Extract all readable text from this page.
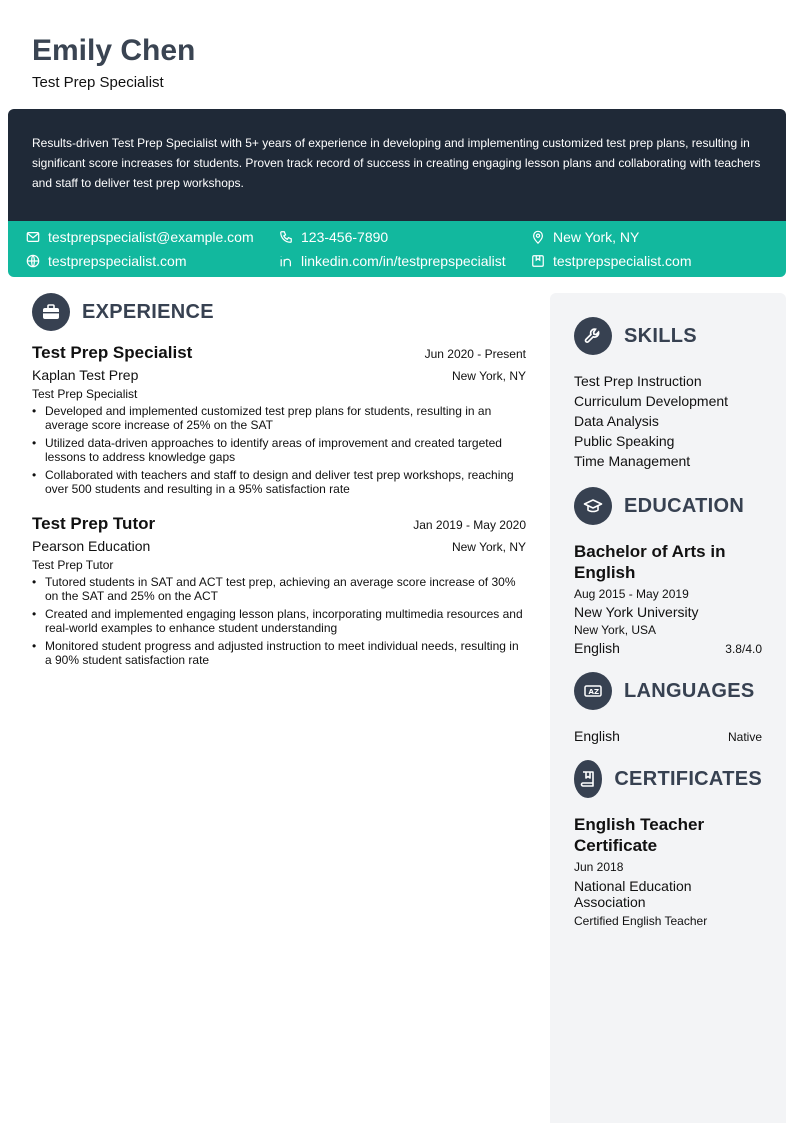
Emily Chen
Test Prep Specialist

Results-driven Test Prep Specialist with 5+ years of experience in developing and implementing customized test prep plans, resulting in significant score increases for students. Proven track record of success in creating engaging lesson plans and collaborating with teachers and staff to deliver test prep workshops.

testprepspecialist@example.com	123-456-7890	New York, NY
testprepspecialist.com	linkedin.com/in/testprepspecialist	testprepspecialist.com
EXPERIENCE
Test Prep Specialist	Jun 2020 - Present
Kaplan Test Prep	New York, NY
Test Prep Specialist
• Developed and implemented customized test prep plans for students, resulting in an average score increase of 25% on the SAT
• Utilized data-driven approaches to identify areas of improvement and created targeted lessons to address knowledge gaps
• Collaborated with teachers and staff to design and deliver test prep workshops, reaching over 500 students and resulting in a 95% satisfaction rate
Test Prep Tutor	Jan 2019 - May 2020
Pearson Education	New York, NY
Test Prep Tutor
• Tutored students in SAT and ACT test prep, achieving an average score increase of 30% on the SAT and 25% on the ACT
• Created and implemented engaging lesson plans, incorporating multimedia resources and real-world examples to enhance student understanding
• Monitored student progress and adjusted instruction to meet individual needs, resulting in a 90% student satisfaction rate
SKILLS
Test Prep Instruction
Curriculum Development
Data Analysis
Public Speaking
Time Management
EDUCATION
Bachelor of Arts in English
Aug 2015 - May 2019
New York University
New York, USA
English	3.8/4.0
A Z LANGUAGES
English	Native
CERTIFICATES
English Teacher Certificate
Jun 2018
National Education Association
Certified English Teacher
